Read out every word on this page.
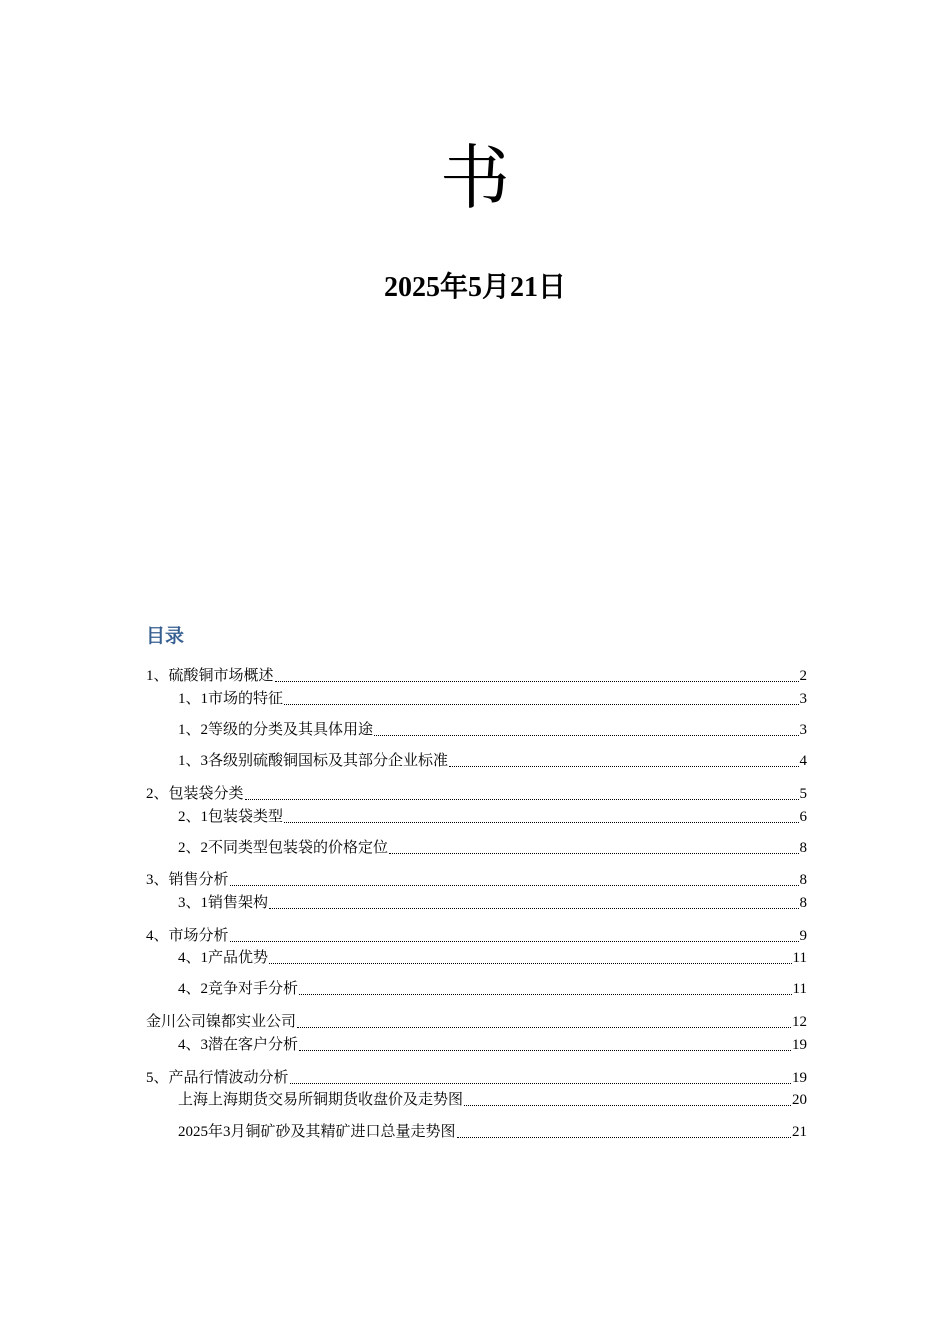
书
2025年5月21日
目录
1、硫酸铜市场概述	2
1、1市场的特征	3
1、2等级的分类及其具体用途	3
1、3各级别硫酸铜国标及其部分企业标准	4
2、包装袋分类	5
2、1包装袋类型	6
2、2不同类型包装袋的价格定位	8
3、销售分析	8
3、1销售架构	8
4、市场分析	9
4、1产品优势	11
4、2竞争对手分析	11
金川公司镍都实业公司	12
4、3潜在客户分析	19
5、产品行情波动分析	19
上海上海期货交易所铜期货收盘价及走势图	20
2025年3月铜矿砂及其精矿进口总量走势图	21
